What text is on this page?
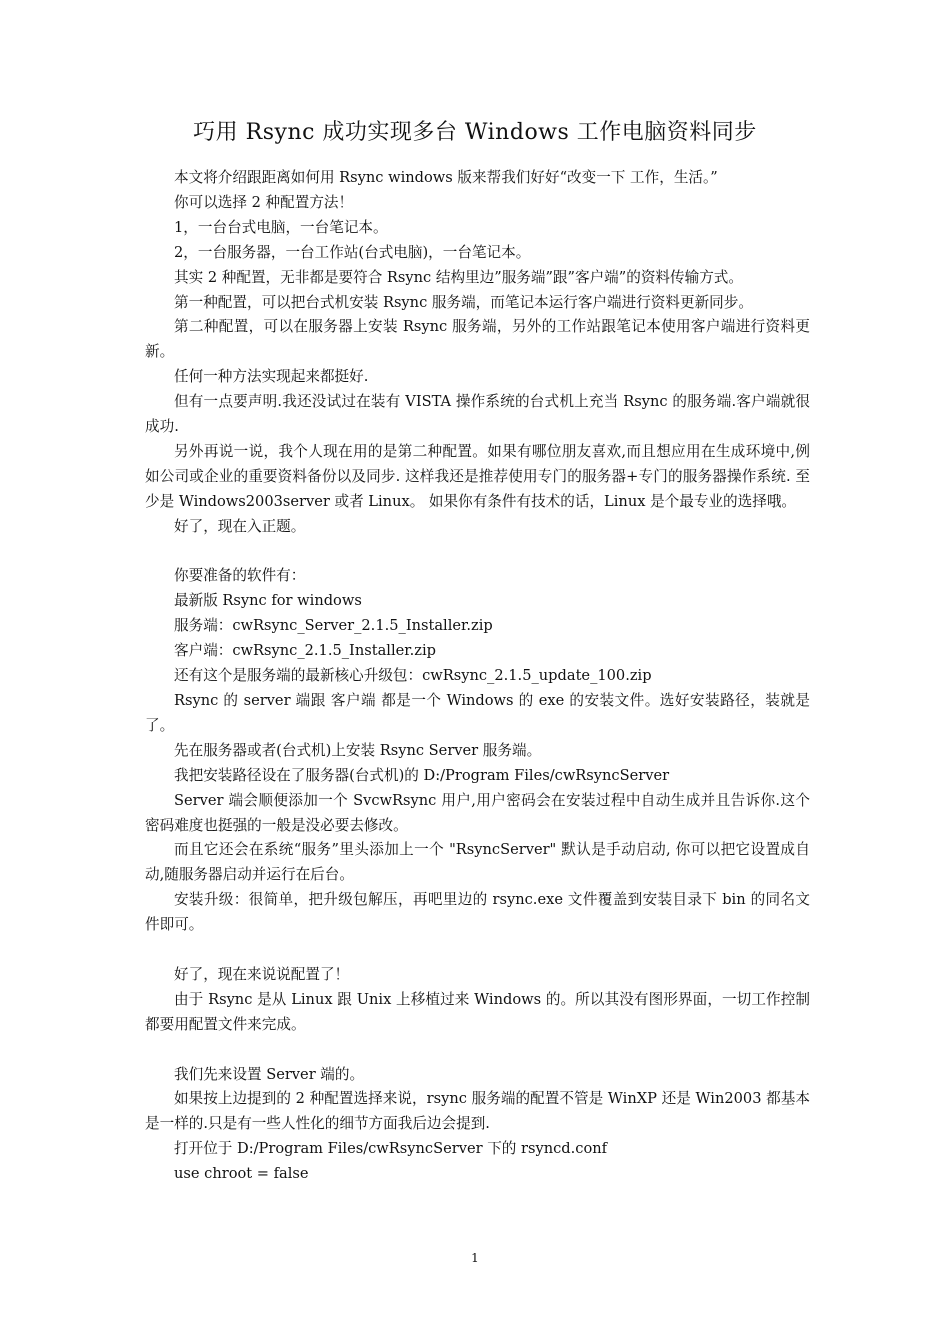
巧用 Rsync 成功实现多台 Windows 工作电脑资料同步

本文将介绍跟距离如何用 Rsync windows 版来帮我们好好“改变一下 工作，生活。”

你可以选择 2 种配置方法！

1，一台台式电脑，一台笔记本。

2，一台服务器，一台工作站(台式电脑)，一台笔记本。

其实 2 种配置，无非都是要符合 Rsync 结构里边”服务端”跟”客户端”的资料传输方式。

第一种配置，可以把台式机安装 Rsync 服务端，而笔记本运行客户端进行资料更新同步。

第二种配置，可以在服务器上安装 Rsync 服务端，另外的工作站跟笔记本使用客户端进行资料更新。

任何一种方法实现起来都挺好.

但有一点要声明.我还没试过在装有 VISTA 操作系统的台式机上充当 Rsync 的服务端.客户端就很成功.

另外再说一说，我个人现在用的是第二种配置。如果有哪位朋友喜欢,而且想应用在生成环境中,例如公司或企业的重要资料备份以及同步. 这样我还是推荐使用专门的服务器+专门的服务器操作系统. 至少是 Windows2003server 或者 Linux。 如果你有条件有技术的话，Linux 是个最专业的选择哦。

好了，现在入正题。

你要准备的软件有：

最新版 Rsync for windows

服务端：cwRsync_Server_2.1.5_Installer.zip

客户端：cwRsync_2.1.5_Installer.zip

还有这个是服务端的最新核心升级包：cwRsync_2.1.5_update_100.zip

Rsync 的 server 端跟 客户端 都是一个 Windows 的 exe 的安装文件。选好安装路径，装就是了。

先在服务器或者(台式机)上安装 Rsync Server 服务端。

我把安装路径设在了服务器(台式机)的 D:/Program Files/cwRsyncServer

Server 端会顺便添加一个 SvcwRsync 用户,用户密码会在安装过程中自动生成并且告诉你.这个密码难度也挺强的一般是没必要去修改。

而且它还会在系统“服务”里头添加上一个 "RsyncServer" 默认是手动启动, 你可以把它设置成自动,随服务器启动并运行在后台。

安装升级：很简单，把升级包解压，再吧里边的 rsync.exe 文件覆盖到安装目录下 bin 的同名文件即可。

好了，现在来说说配置了！

由于 Rsync 是从 Linux 跟 Unix 上移植过来 Windows 的。所以其没有图形界面，一切工作控制都要用配置文件来完成。

我们先来设置 Server 端的。

如果按上边提到的 2 种配置选择来说，rsync 服务端的配置不管是 WinXP 还是 Win2003 都基本是一样的.只是有一些人性化的细节方面我后边会提到.

打开位于 D:/Program Files/cwRsyncServer 下的 rsyncd.conf

use chroot = false

1
